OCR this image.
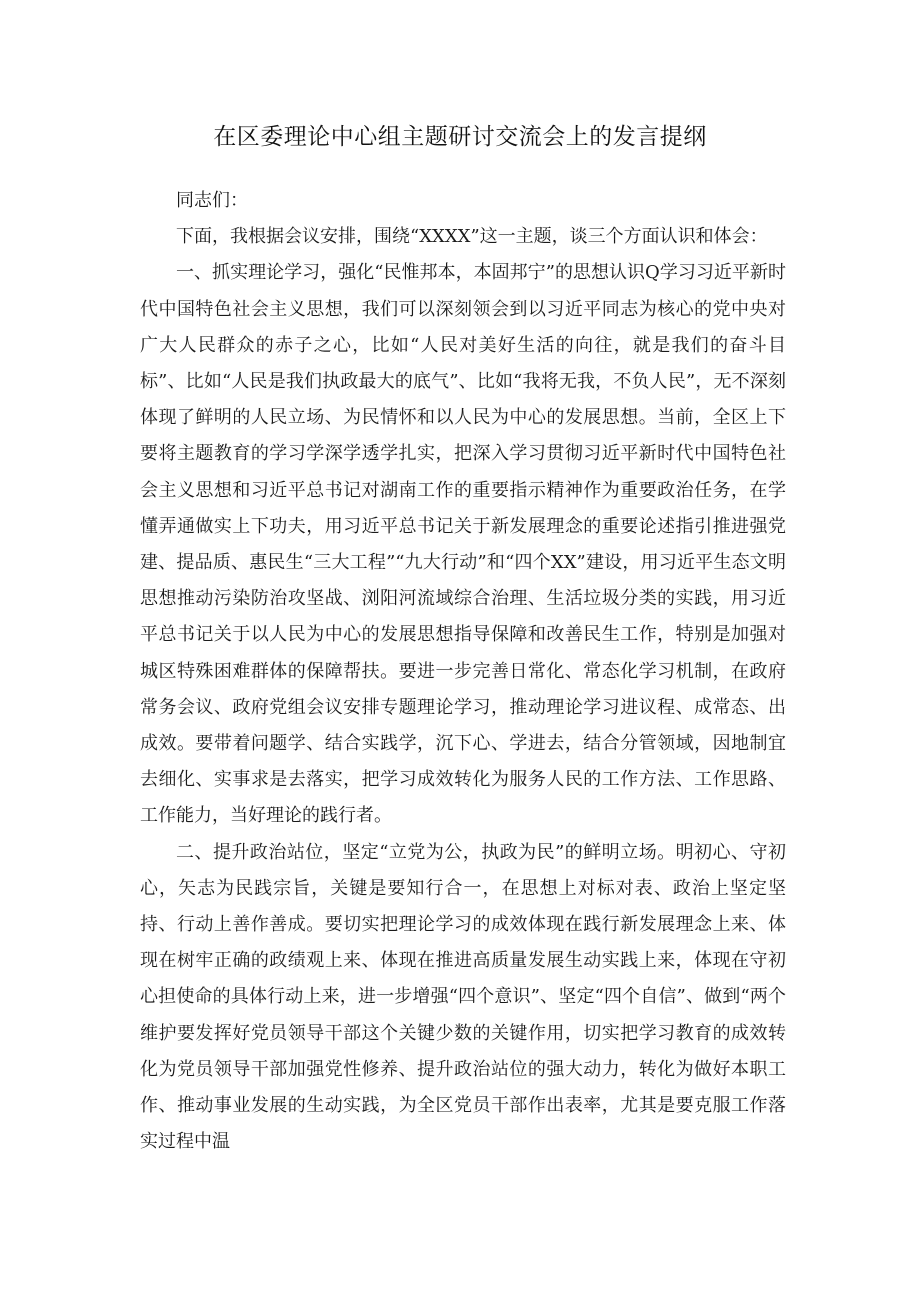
在区委理论中心组主题研讨交流会上的发言提纲

同志们：

下面，我根据会议安排，围绕“XXXX”这一主题，谈三个方面认识和体会：

一、抓实理论学习，强化“民惟邦本，本固邦宁”的思想认识Q学习习近平新时代中国特色社会主义思想，我们可以深刻领会到以习近平同志为核心的党中央对广大人民群众的赤子之心，比如“人民对美好生活的向往，就是我们的奋斗目标”、比如“人民是我们执政最大的底气”、比如“我将无我，不负人民”，无不深刻体现了鲜明的人民立场、为民情怀和以人民为中心的发展思想。当前，全区上下要将主题教育的学习学深学透学扎实，把深入学习贯彻习近平新时代中国特色社会主义思想和习近平总书记对湖南工作的重要指示精神作为重要政治任务，在学懂弄通做实上下功夫，用习近平总书记关于新发展理念的重要论述指引推进强党建、提品质、惠民生“三大工程”“九大行动”和“四个XX”建设，用习近平生态文明思想推动污染防治攻坚战、浏阳河流域综合治理、生活垃圾分类的实践，用习近平总书记关于以人民为中心的发展思想指导保障和改善民生工作，特别是加强对城区特殊困难群体的保障帮扶。要进一步完善日常化、常态化学习机制，在政府常务会议、政府党组会议安排专题理论学习，推动理论学习进议程、成常态、出成效。要带着问题学、结合实践学，沉下心、学进去，结合分管领域，因地制宜去细化、实事求是去落实，把学习成效转化为服务人民的工作方法、工作思路、工作能力，当好理论的践行者。

二、提升政治站位，坚定“立党为公，执政为民”的鲜明立场。明初心、守初心，矢志为民践宗旨，关键是要知行合一，在思想上对标对表、政治上坚定坚持、行动上善作善成。要切实把理论学习的成效体现在践行新发展理念上来、体现在树牢正确的政绩观上来、体现在推进高质量发展生动实践上来，体现在守初心担使命的具体行动上来，进一步增强“四个意识”、坚定“四个自信”、做到“两个维护要发挥好党员领导干部这个关键少数的关键作用，切实把学习教育的成效转化为党员领导干部加强党性修养、提升政治站位的强大动力，转化为做好本职工作、推动事业发展的生动实践，为全区党员干部作出表率，尤其是要克服工作落实过程中温
